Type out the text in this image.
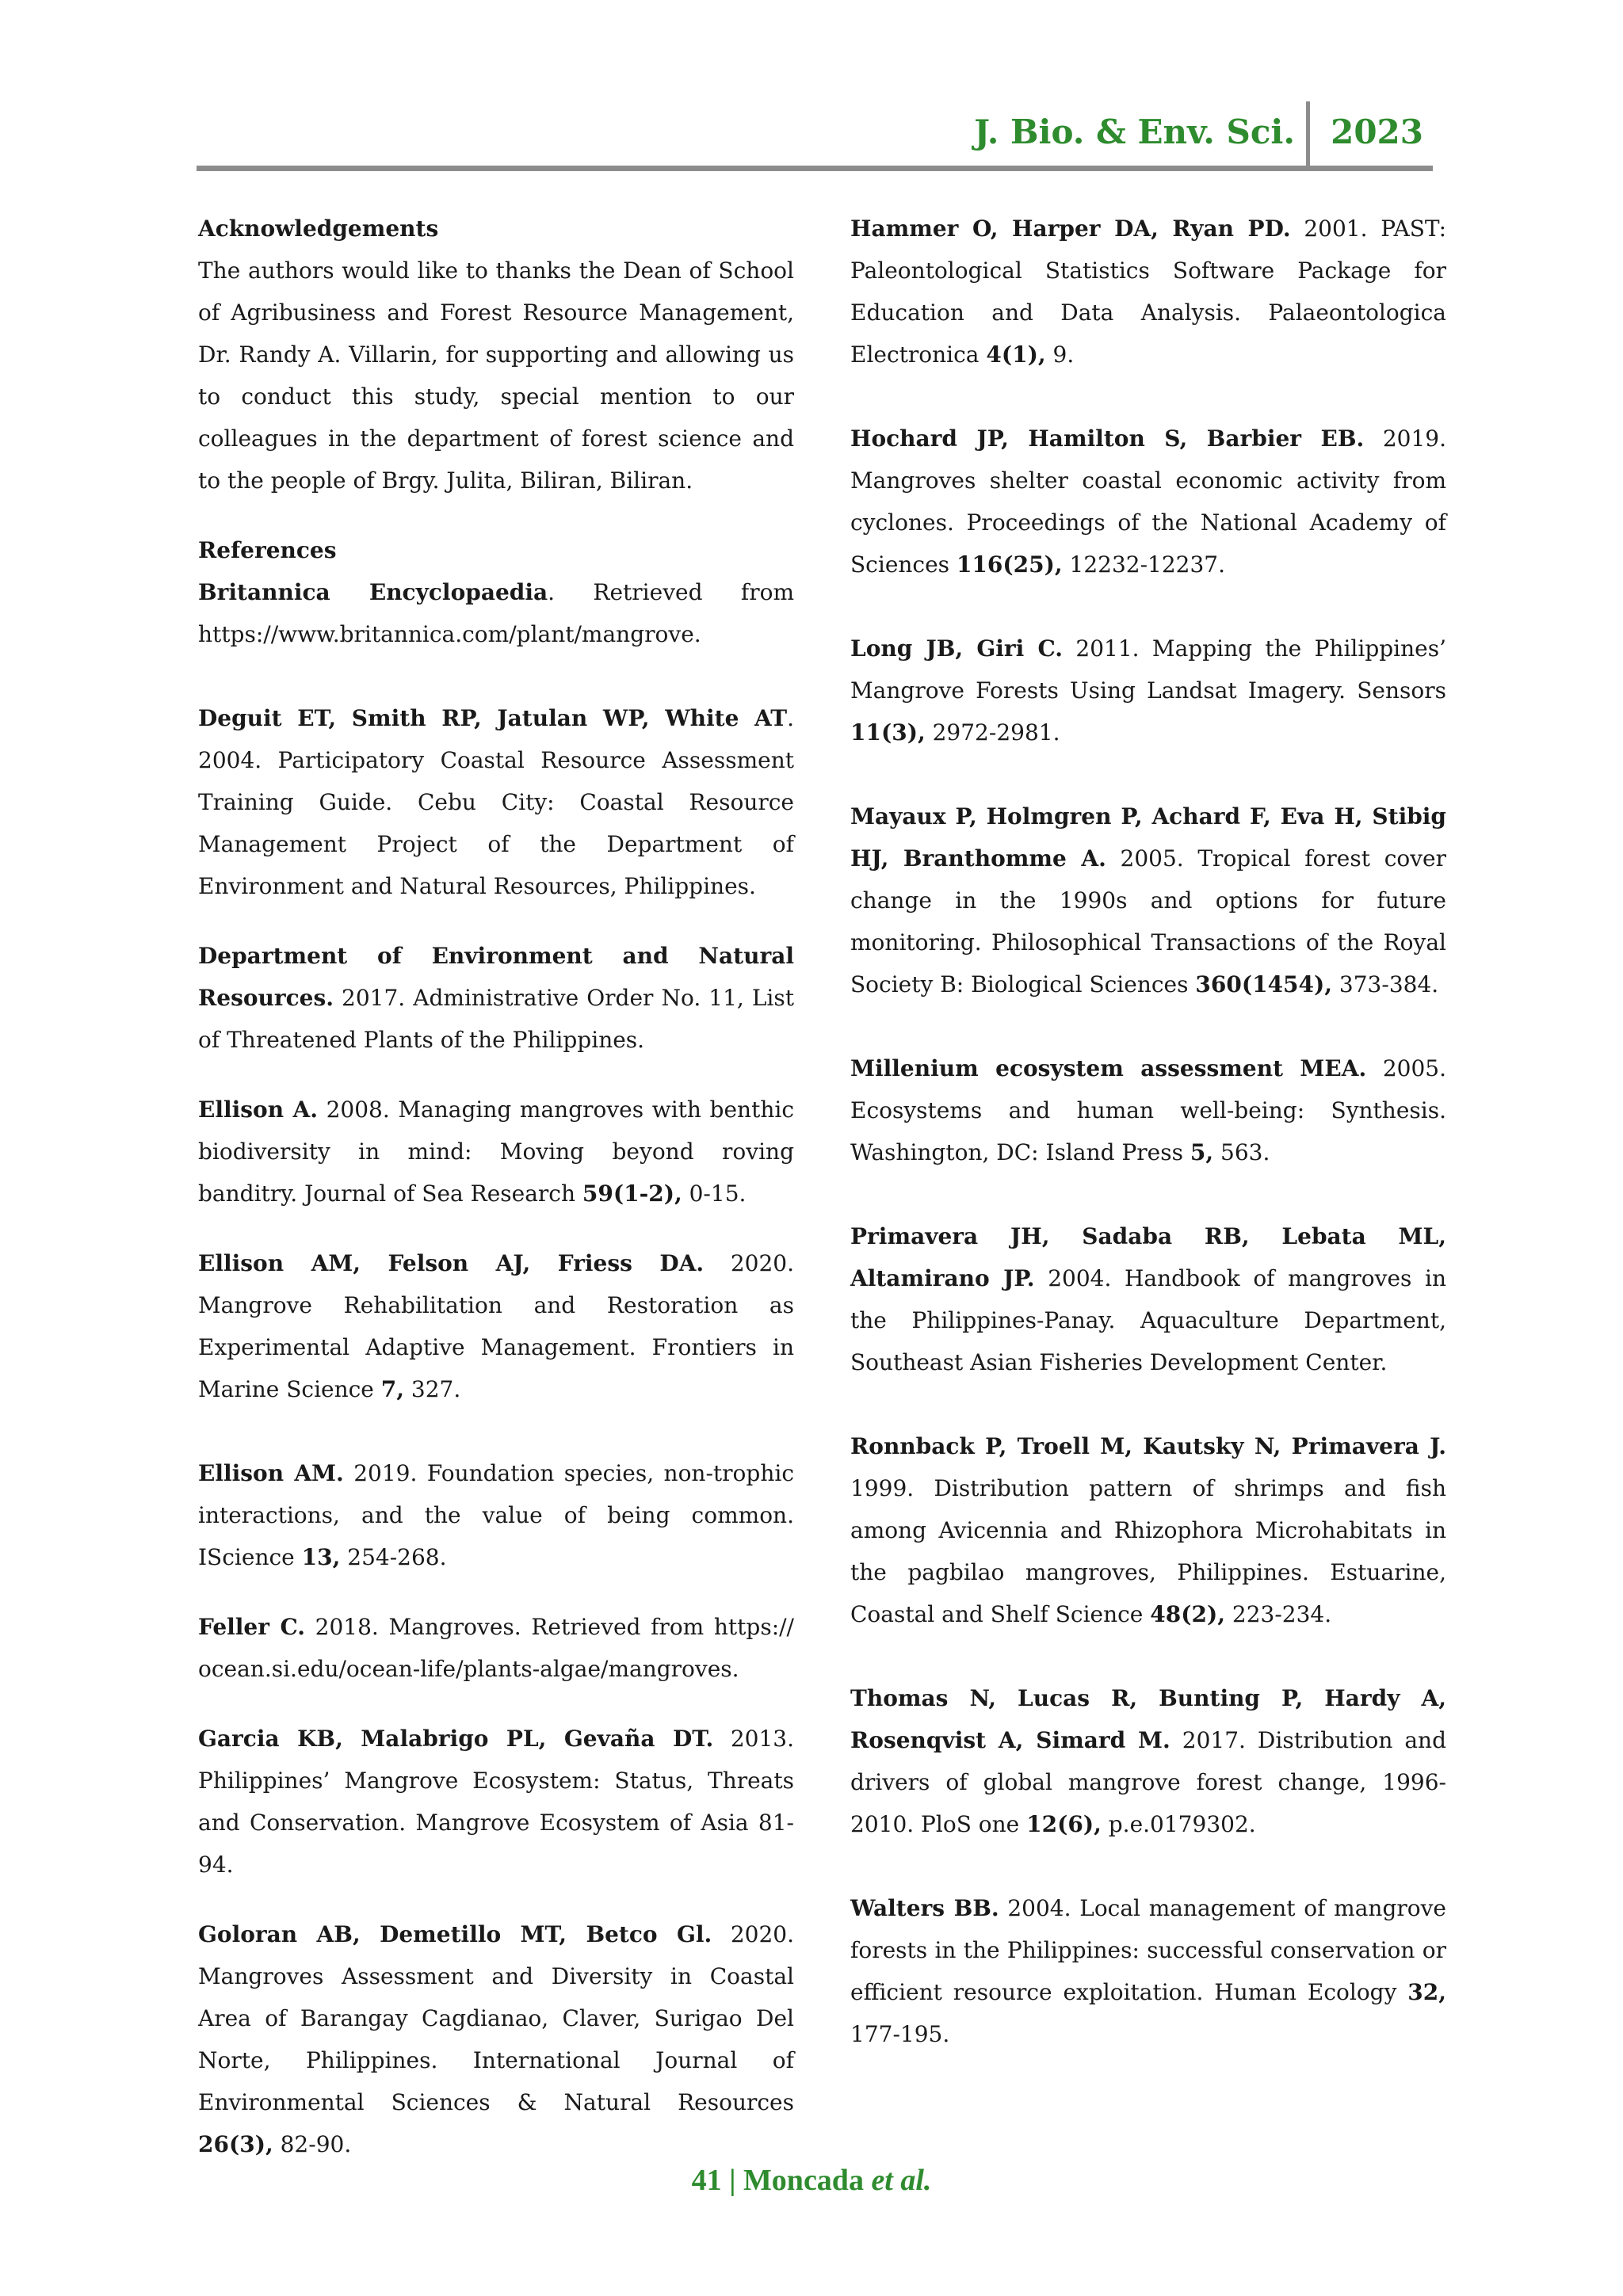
J. Bio. & Env. Sci. 2023
Acknowledgements
The authors would like to thanks the Dean of School of Agribusiness and Forest Resource Management, Dr. Randy A. Villarin, for supporting and allowing us to conduct this study, special mention to our colleagues in the department of forest science and to the people of Brgy. Julita, Biliran, Biliran.
References
Britannica Encyclopaedia. Retrieved from https://www.britannica.com/plant/mangrove.
Deguit ET, Smith RP, Jatulan WP, White AT. 2004. Participatory Coastal Resource Assessment Training Guide. Cebu City: Coastal Resource Management Project of the Department of Environment and Natural Resources, Philippines.
Department of Environment and Natural Resources. 2017. Administrative Order No. 11, List of Threatened Plants of the Philippines.
Ellison A. 2008. Managing mangroves with benthic biodiversity in mind: Moving beyond roving banditry. Journal of Sea Research 59(1-2), 0-15.
Ellison AM, Felson AJ, Friess DA. 2020. Mangrove Rehabilitation and Restoration as Experimental Adaptive Management. Frontiers in Marine Science 7, 327.
Ellison AM. 2019. Foundation species, non-trophic interactions, and the value of being common. IScience 13, 254-268.
Feller C. 2018. Mangroves. Retrieved from https:// ocean.si.edu/ocean-life/plants-algae/mangroves.
Garcia KB, Malabrigo PL, Gevaña DT. 2013. Philippines’ Mangrove Ecosystem: Status, Threats and Conservation. Mangrove Ecosystem of Asia 81-94.
Goloran AB, Demetillo MT, Betco Gl. 2020. Mangroves Assessment and Diversity in Coastal Area of Barangay Cagdianao, Claver, Surigao Del Norte, Philippines. International Journal of Environmental Sciences & Natural Resources 26(3), 82-90.
Hammer O, Harper DA, Ryan PD. 2001. PAST: Paleontological Statistics Software Package for Education and Data Analysis. Palaeontologica Electronica 4(1), 9.
Hochard JP, Hamilton S, Barbier EB. 2019. Mangroves shelter coastal economic activity from cyclones. Proceedings of the National Academy of Sciences 116(25), 12232-12237.
Long JB, Giri C. 2011. Mapping the Philippines’ Mangrove Forests Using Landsat Imagery. Sensors 11(3), 2972-2981.
Mayaux P, Holmgren P, Achard F, Eva H, Stibig HJ, Branthomme A. 2005. Tropical forest cover change in the 1990s and options for future monitoring. Philosophical Transactions of the Royal Society B: Biological Sciences 360(1454), 373-384.
Millenium ecosystem assessment MEA. 2005. Ecosystems and human well-being: Synthesis. Washington, DC: Island Press 5, 563.
Primavera JH, Sadaba RB, Lebata ML, Altamirano JP. 2004. Handbook of mangroves in the Philippines-Panay. Aquaculture Department, Southeast Asian Fisheries Development Center.
Ronnback P, Troell M, Kautsky N, Primavera J. 1999. Distribution pattern of shrimps and fish among Avicennia and Rhizophora Microhabitats in the pagbilao mangroves, Philippines. Estuarine, Coastal and Shelf Science 48(2), 223-234.
Thomas N, Lucas R, Bunting P, Hardy A, Rosenqvist A, Simard M. 2017. Distribution and drivers of global mangrove forest change, 1996-2010. PloS one 12(6), p.e.0179302.
Walters BB. 2004. Local management of mangrove forests in the Philippines: successful conservation or efficient resource exploitation. Human Ecology 32, 177-195.
41 | Moncada et al.
